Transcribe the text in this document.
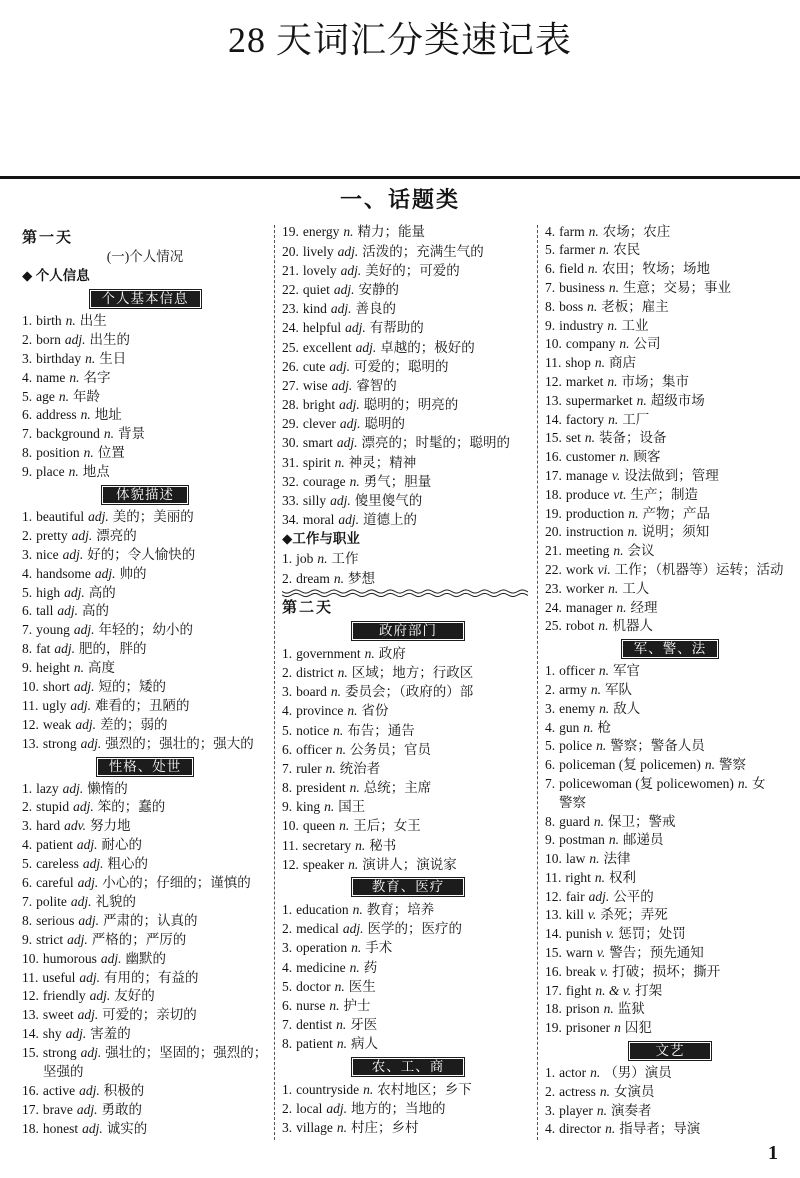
28 天词汇分类速记表
一、话题类
第一天
(一)个人情况
◆ 个人信息
个人基本信息
1. birth n. 出生
2. born adj. 出生的
3. birthday n. 生日
4. name n. 名字
5. age n. 年龄
6. address n. 地址
7. background n. 背景
8. position n. 位置
9. place n. 地点
体貌描述
1. beautiful adj. 美的；美丽的
2. pretty adj. 漂亮的
3. nice adj. 好的；令人愉快的
4. handsome adj. 帅的
5. high adj. 高的
6. tall adj. 高的
7. young adj. 年轻的；幼小的
8. fat adj. 肥的，胖的
9. height n. 高度
10. short adj. 短的；矮的
11. ugly adj. 难看的；丑陋的
12. weak adj. 差的；弱的
13. strong adj. 强烈的；强壮的；强大的
性格、处世
1. lazy adj. 懒惰的
2. stupid adj. 笨的；蠢的
3. hard adv. 努力地
4. patient adj. 耐心的
5. careless adj. 粗心的
6. careful adj. 小心的；仔细的；谨慎的
7. polite adj. 礼貌的
8. serious adj. 严肃的；认真的
9. strict adj. 严格的；严厉的
10. humorous adj. 幽默的
11. useful adj. 有用的；有益的
12. friendly adj. 友好的
13. sweet adj. 可爱的；亲切的
14. shy adj. 害羞的
15. strong adj. 强壮的；坚固的；强烈的；
坚强的
16. active adj. 积极的
17. brave adj. 勇敢的
18. honest adj. 诚实的
19. energy n. 精力；能量
20. lively adj. 活泼的；充满生气的
21. lovely adj. 美好的；可爱的
22. quiet adj. 安静的
23. kind adj. 善良的
24. helpful adj. 有帮助的
25. excellent adj. 卓越的；极好的
26. cute adj. 可爱的；聪明的
27. wise adj. 睿智的
28. bright adj. 聪明的；明亮的
29. clever adj. 聪明的
30. smart adj. 漂亮的；时髦的；聪明的
31. spirit n. 神灵；精神
32. courage n. 勇气；胆量
33. silly adj. 傻里傻气的
34. moral adj. 道德上的
◆工作与职业
1. job n. 工作
2. dream n. 梦想
第二天
政府部门
1. government n. 政府
2. district n. 区域；地方；行政区
3. board n. 委员会；（政府的）部
4. province n. 省份
5. notice n. 布告；通告
6. officer n. 公务员；官员
7. ruler n. 统治者
8. president n. 总统；主席
9. king n. 国王
10. queen n. 王后；女王
11. secretary n. 秘书
12. speaker n. 演讲人；演说家
教育、医疗
1. education n. 教育；培养
2. medical adj. 医学的；医疗的
3. operation n. 手术
4. medicine n. 药
5. doctor n. 医生
6. nurse n. 护士
7. dentist n. 牙医
8. patient n. 病人
农、工、商
1. countryside n. 农村地区；乡下
2. local adj. 地方的；当地的
3. village n. 村庄；乡村
4. farm n. 农场；农庄
5. farmer n. 农民
6. field n. 农田；牧场；场地
7. business n. 生意；交易；事业
8. boss n. 老板；雇主
9. industry n. 工业
10. company n. 公司
11. shop n. 商店
12. market n. 市场；集市
13. supermarket n. 超级市场
14. factory n. 工厂
15. set n. 装备；设备
16. customer n. 顾客
17. manage v. 设法做到；管理
18. produce vt. 生产；制造
19. production n. 产物；产品
20. instruction n. 说明；须知
21. meeting n. 会议
22. work vi. 工作；（机器等）运转；活动
23. worker n. 工人
24. manager n. 经理
25. robot n. 机器人
军、警、法
1. officer n. 军官
2. army n. 军队
3. enemy n. 敌人
4. gun n. 枪
5. police n. 警察；警备人员
6. policeman (复 policemen) n. 警察
7. policewoman (复 policewomen) n. 女
警察
8. guard n. 保卫；警戒
9. postman n. 邮递员
10. law n. 法律
11. right n. 权利
12. fair adj. 公平的
13. kill v. 杀死；弄死
14. punish v. 惩罚；处罚
15. warn v. 警告；预先通知
16. break v. 打破；损坏；撕开
17. fight n. & v. 打架
18. prison n. 监狱
19. prisoner n 囚犯
文艺
1. actor n. （男）演员
2. actress n. 女演员
3. player n. 演奏者
4. director n. 指导者；导演
1
